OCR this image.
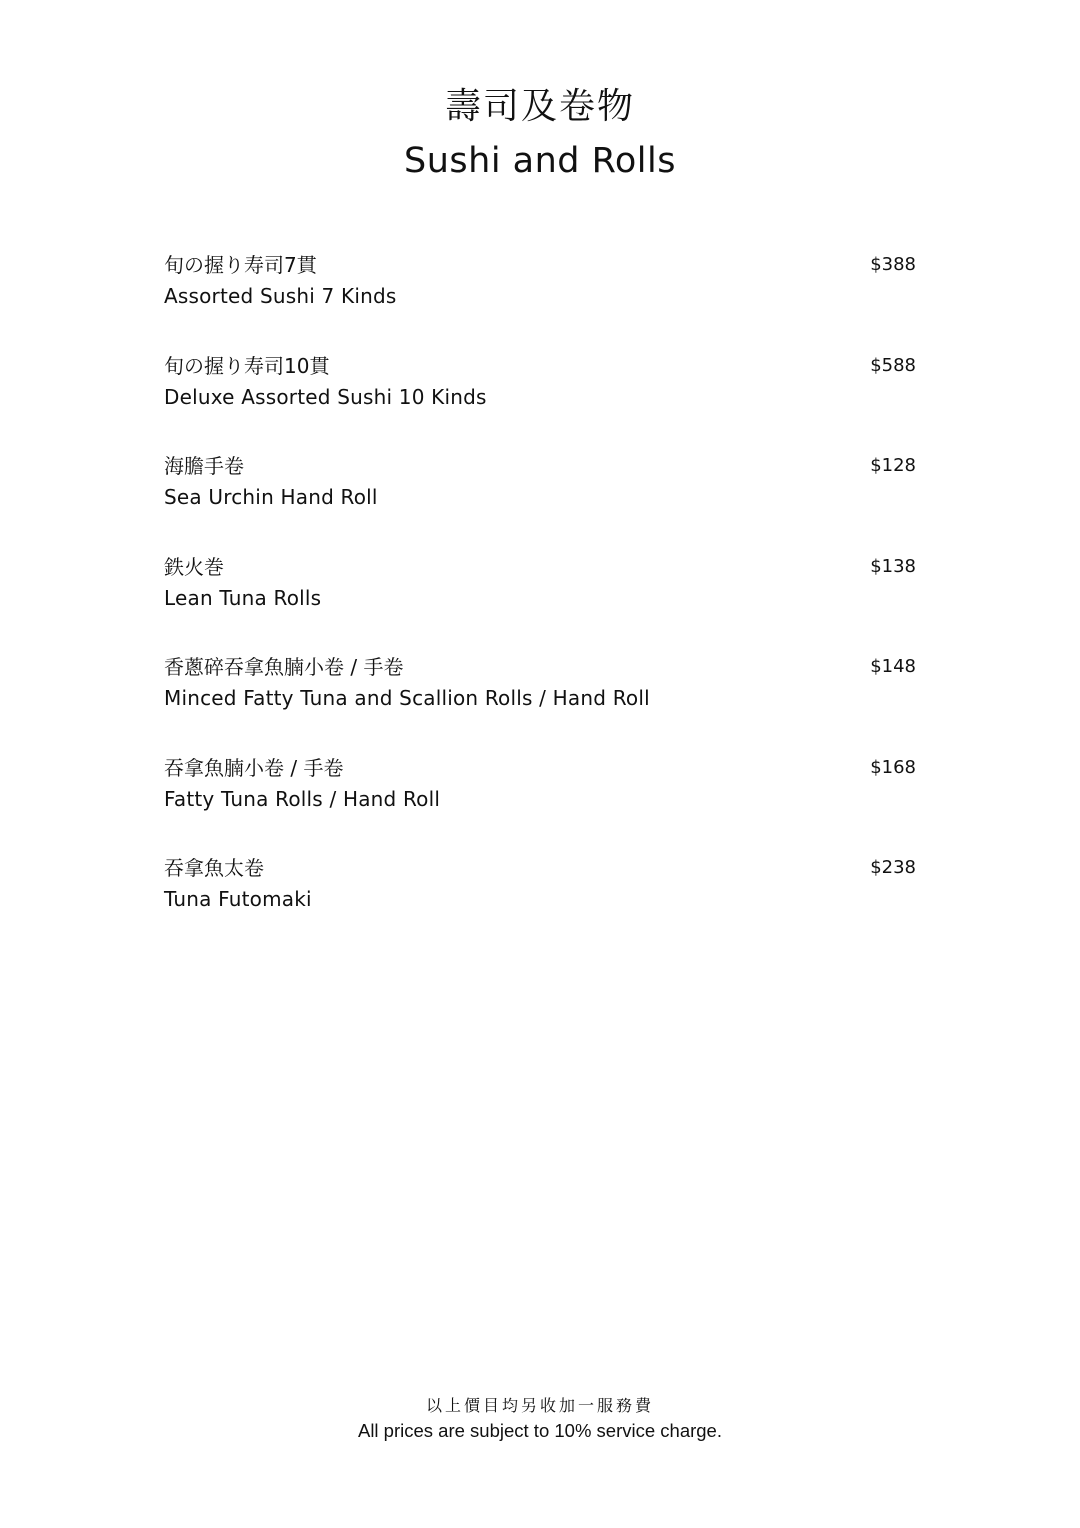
壽司及卷物
Sushi and Rolls
旬の握り寿司7貫
Assorted Sushi 7 Kinds
$388
旬の握り寿司10貫
Deluxe Assorted Sushi 10 Kinds
$588
海膽手卷
Sea Urchin Hand Roll
$128
鉄火巻
Lean Tuna Rolls
$138
香蔥碎吞拿魚腩小卷 / 手卷
Minced Fatty Tuna and Scallion Rolls / Hand Roll
$148
吞拿魚腩小卷 / 手卷
Fatty Tuna Rolls / Hand Roll
$168
吞拿魚太卷
Tuna Futomaki
$238
以上價目均另收加一服務費
All prices are subject to 10% service charge.
